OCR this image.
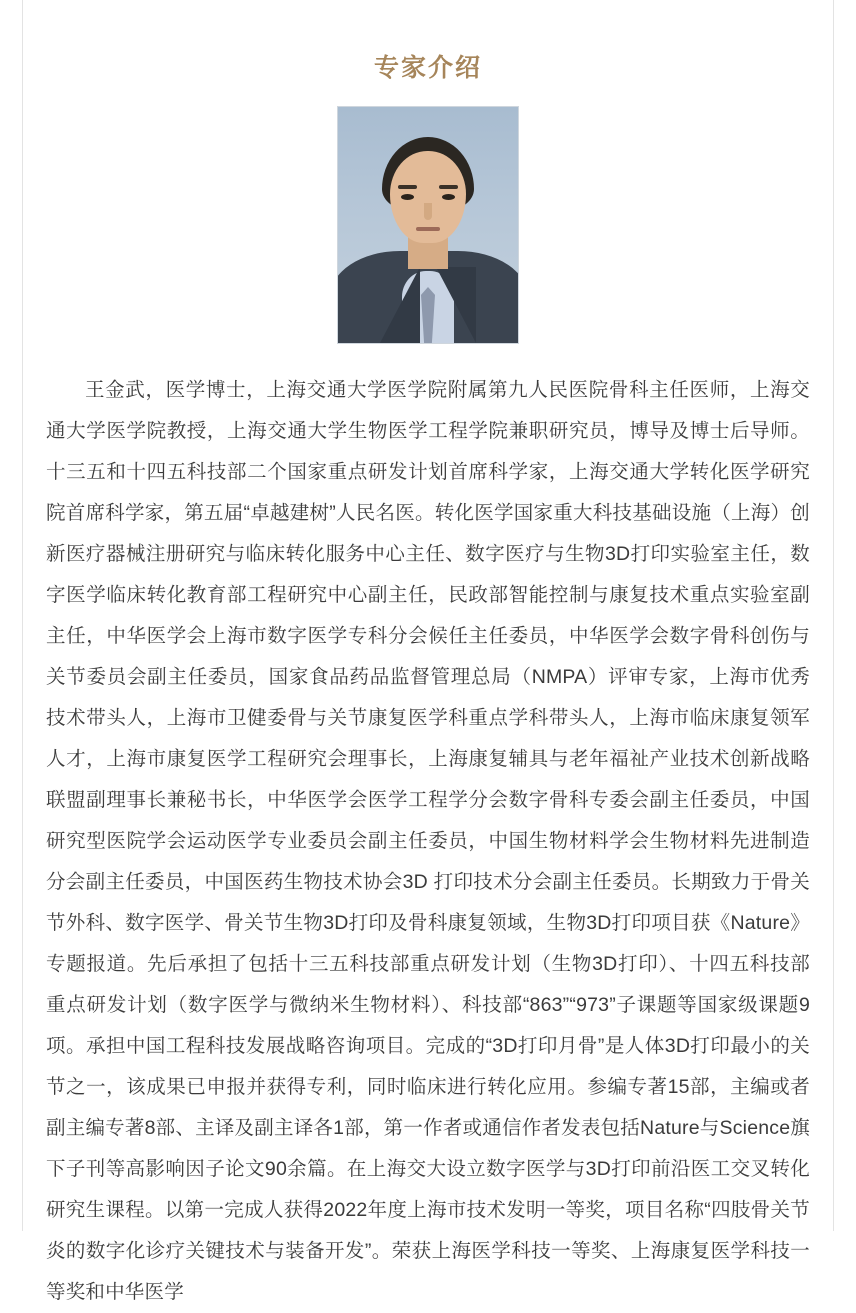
专家介绍
王金武，医学博士，上海交通大学医学院附属第九人民医院骨科主任医师，上海交通大学医学院教授，上海交通大学生物医学工程学院兼职研究员，博导及博士后导师。十三五和十四五科技部二个国家重点研发计划首席科学家，上海交通大学转化医学研究院首席科学家，第五届“卓越建树”人民名医。转化医学国家重大科技基础设施（上海）创新医疗器械注册研究与临床转化服务中心主任、数字医疗与生物3D打印实验室主任，数字医学临床转化教育部工程研究中心副主任，民政部智能控制与康复技术重点实验室副主任，中华医学会上海市数字医学专科分会候任主任委员，中华医学会数字骨科创伤与关节委员会副主任委员，国家食品药品监督管理总局（NMPA）评审专家，上海市优秀技术带头人，上海市卫健委骨与关节康复医学科重点学科带头人，上海市临床康复领军人才，上海市康复医学工程研究会理事长，上海康复辅具与老年福祉产业技术创新战略联盟副理事长兼秘书长，中华医学会医学工程学分会数字骨科专委会副主任委员，中国研究型医院学会运动医学专业委员会副主任委员，中国生物材料学会生物材料先进制造分会副主任委员，中国医药生物技术协会3D 打印技术分会副主任委员。长期致力于骨关节外科、数字医学、骨关节生物3D打印及骨科康复领域，生物3D打印项目获《Nature》专题报道。先后承担了包括十三五科技部重点研发计划（生物3D打印）、十四五科技部重点研发计划（数字医学与微纳米生物材料）、科技部“863”“973”子课题等国家级课题9项。承担中国工程科技发展战略咨询项目。完成的“3D打印月骨”是人体3D打印最小的关节之一，该成果已申报并获得专利，同时临床进行转化应用。参编专著15部，主编或者副主编专著8部、主译及副主译各1部，第一作者或通信作者发表包括Nature与Science旗下子刊等高影响因子论文90余篇。在上海交大设立数字医学与3D打印前沿医工交叉转化研究生课程。以第一完成人获得2022年度上海市技术发明一等奖，项目名称“四肢骨关节炎的数字化诊疗关键技术与装备开发”。荣获上海医学科技一等奖、上海康复医学科技一等奖和中华医学
